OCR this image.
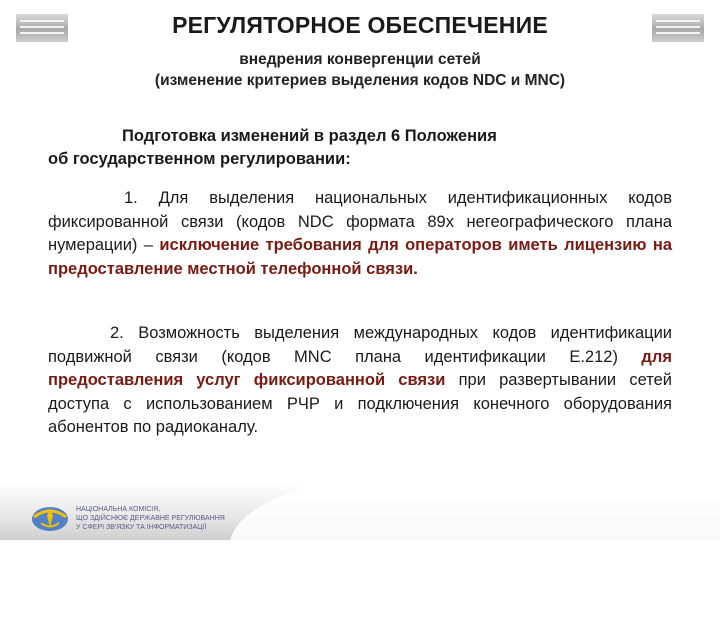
РЕГУЛЯТОРНОЕ ОБЕСПЕЧЕНИЕ
внедрения конвергенции сетей
(изменение критериев выделения кодов NDC и MNC)
Подготовка изменений в раздел 6 Положения
об государственном регулировании:

1. Для выделения национальных идентификационных кодов фиксированной связи (кодов NDC формата 89x негеографического плана нумерации) – исключение требования для операторов иметь лицензию на предоставление местной телефонной связи.

2. Возможность выделения международных кодов идентификации подвижной связи (кодов MNC плана идентификации E.212) для предоставления услуг фиксированной связи при развертывании сетей доступа с использованием РЧР и подключения конечного оборудования абонентов по радиоканалу.

НАЦІОНАЛЬНА КОМІСІЯ,
ЩО ЗДІЙСНЮЄ ДЕРЖАВНЕ РЕГУЛЮВАННЯ
У СФЕРІ ЗВ'ЯЗКУ ТА ІНФОРМАТИЗАЦІЇ
